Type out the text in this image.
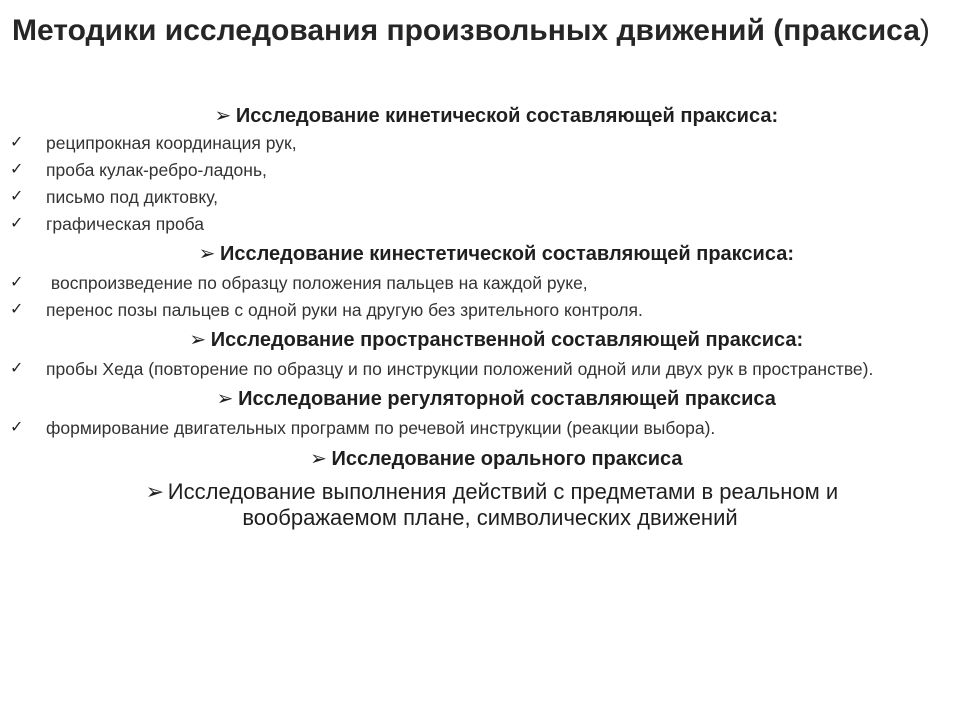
Методики исследования произвольных движений (праксиса)
➢ Исследование кинетической составляющей праксиса:
✓ реципрокная координация рук,
✓ проба кулак-ребро-ладонь,
✓ письмо под диктовку,
✓ графическая проба
➢ Исследование кинестетической составляющей праксиса:
✓ воспроизведение по образцу положения пальцев на каждой руке,
✓ перенос позы пальцев с одной руки на другую без зрительного контроля.
➢ Исследование пространственной составляющей праксиса:
✓ пробы Хеда (повторение по образцу и по инструкции положений одной или двух рук в пространстве).
➢ Исследование регуляторной составляющей праксиса
✓ формирование двигательных программ по речевой инструкции (реакции выбора).
➢ Исследование орального праксиса
➢ Исследование выполнения действий с предметами в реальном и воображаемом плане, символических движений
